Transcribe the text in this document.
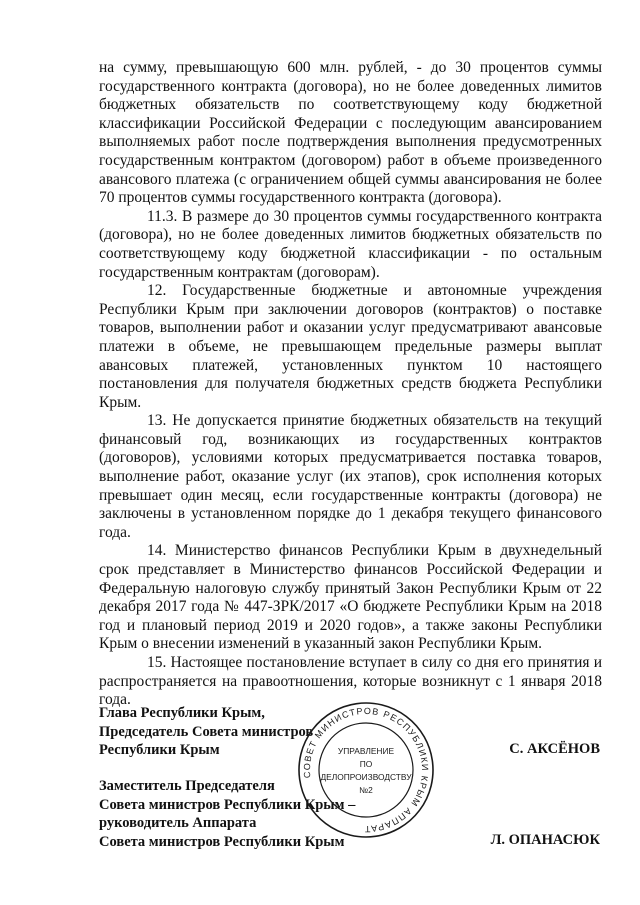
на сумму, превышающую 600 млн. рублей, - до 30 процентов суммы государственного контракта (договора), но не более доведенных лимитов бюджетных обязательств по соответствующему коду бюджетной классификации Российской Федерации с последующим авансированием выполняемых работ после подтверждения выполнения предусмотренных государственным контрактом (договором) работ в объеме произведенного авансового платежа (с ограничением общей суммы авансирования не более 70 процентов суммы государственного контракта (договора).

11.3. В размере до 30 процентов суммы государственного контракта (договора), но не более доведенных лимитов бюджетных обязательств по соответствующему коду бюджетной классификации - по остальным государственным контрактам (договорам).

12. Государственные бюджетные и автономные учреждения Республики Крым при заключении договоров (контрактов) о поставке товаров, выполнении работ и оказании услуг предусматривают авансовые платежи в объеме, не превышающем предельные размеры выплат авансовых платежей, установленных пунктом 10 настоящего постановления для получателя бюджетных средств бюджета Республики Крым.

13. Не допускается принятие бюджетных обязательств на текущий финансовый год, возникающих из государственных контрактов (договоров), условиями которых предусматривается поставка товаров, выполнение работ, оказание услуг (их этапов), срок исполнения которых превышает один месяц, если государственные контракты (договора) не заключены в установленном порядке до 1 декабря текущего финансового года.

14. Министерство финансов Республики Крым в двухнедельный срок представляет в Министерство финансов Российской Федерации и Федеральную налоговую службу принятый Закон Республики Крым от 22 декабря 2017 года № 447-ЗРК/2017 «О бюджете Республики Крым на 2018 год и плановый период 2019 и 2020 годов», а также законы Республики Крым о внесении изменений в указанный закон Республики Крым.

15. Настоящее постановление вступает в силу со дня его принятия и распространяется на правоотношения, которые возникнут с 1 января 2018 года.

Глава Республики Крым,
Председатель Совета министров
Республики Крым	С. АКСЁНОВ
Заместитель Председателя
Совета министров Республики Крым –
руководитель Аппарата
Совета министров Республики Крым	Л. ОПАНАСЮК
СОВЕТ МИНИСТРОВ РЕСПУБЛИКИ КРЫМ АППАРАТ
УПРАВЛЕНИЕ
ПО
ДЕЛОПРОИЗВОДСТВУ
№2
